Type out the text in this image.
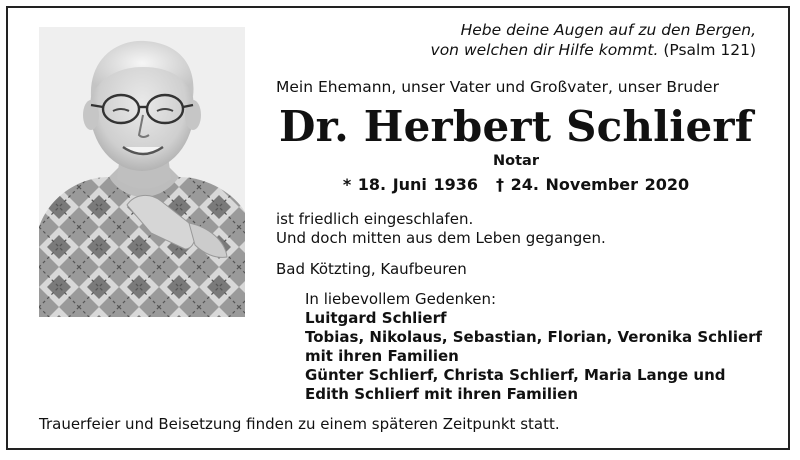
Hebe deine Augen auf zu den Bergen,
von welchen dir Hilfe kommt. (Psalm 121)
Mein Ehemann, unser Vater und Großvater, unser Bruder
Dr. Herbert Schlierf
Notar
* 18. Juni 1936 † 24. November 2020
ist friedlich eingeschlafen.
Und doch mitten aus dem Leben gegangen.
Bad Kötzting, Kaufbeuren
In liebevollem Gedenken:
Luitgard Schlierf
Tobias, Nikolaus, Sebastian, Florian, Veronika Schlierf
mit ihren Familien
Günter Schlierf, Christa Schlierf, Maria Lange und
Edith Schlierf mit ihren Familien
Trauerfeier und Beisetzung finden zu einem späteren Zeitpunkt statt.
